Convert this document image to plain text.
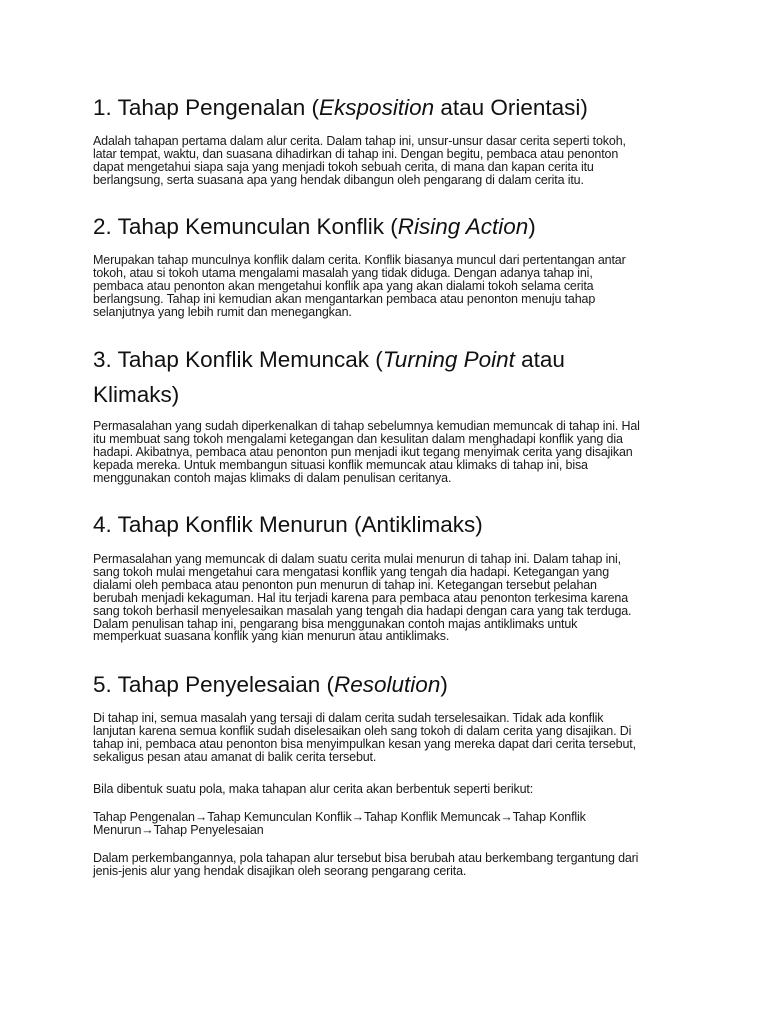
1. Tahap Pengenalan (Eksposition atau Orientasi)

Adalah tahapan pertama dalam alur cerita. Dalam tahap ini, unsur-unsur dasar cerita seperti tokoh,
latar tempat, waktu, dan suasana dihadirkan di tahap ini. Dengan begitu, pembaca atau penonton
dapat mengetahui siapa saja yang menjadi tokoh sebuah cerita, di mana dan kapan cerita itu
berlangsung, serta suasana apa yang hendak dibangun oleh pengarang di dalam cerita itu.

2. Tahap Kemunculan Konflik (Rising Action)

Merupakan tahap munculnya konflik dalam cerita. Konflik biasanya muncul dari pertentangan antar
tokoh, atau si tokoh utama mengalami masalah yang tidak diduga. Dengan adanya tahap ini,
pembaca atau penonton akan mengetahui konflik apa yang akan dialami tokoh selama cerita
berlangsung. Tahap ini kemudian akan mengantarkan pembaca atau penonton menuju tahap
selanjutnya yang lebih rumit dan menegangkan.

3. Tahap Konflik Memuncak (Turning Point atau
Klimaks)

Permasalahan yang sudah diperkenalkan di tahap sebelumnya kemudian memuncak di tahap ini. Hal
itu membuat sang tokoh mengalami ketegangan dan kesulitan dalam menghadapi konflik yang dia
hadapi. Akibatnya, pembaca atau penonton pun menjadi ikut tegang menyimak cerita yang disajikan
kepada mereka. Untuk membangun situasi konflik memuncak atau klimaks di tahap ini, bisa
menggunakan contoh majas klimaks di dalam penulisan ceritanya.

4. Tahap Konflik Menurun (Antiklimaks)

Permasalahan yang memuncak di dalam suatu cerita mulai menurun di tahap ini. Dalam tahap ini,
sang tokoh mulai mengetahui cara mengatasi konflik yang tengah dia hadapi. Ketegangan yang
dialami oleh pembaca atau penonton pun menurun di tahap ini. Ketegangan tersebut pelahan
berubah menjadi kekaguman. Hal itu terjadi karena para pembaca atau penonton terkesima karena
sang tokoh berhasil menyelesaikan masalah yang tengah dia hadapi dengan cara yang tak terduga.
Dalam penulisan tahap ini, pengarang bisa menggunakan contoh majas antiklimaks untuk
memperkuat suasana konflik yang kian menurun atau antiklimaks.

5. Tahap Penyelesaian (Resolution)

Di tahap ini, semua masalah yang tersaji di dalam cerita sudah terselesaikan. Tidak ada konflik
lanjutan karena semua konflik sudah diselesaikan oleh sang tokoh di dalam cerita yang disajikan. Di
tahap ini, pembaca atau penonton bisa menyimpulkan kesan yang mereka dapat dari cerita tersebut,
sekaligus pesan atau amanat di balik cerita tersebut.

Bila dibentuk suatu pola, maka tahapan alur cerita akan berbentuk seperti berikut:

Tahap Pengenalan→Tahap Kemunculan Konflik→Tahap Konflik Memuncak→Tahap Konflik
Menurun→Tahap Penyelesaian

Dalam perkembangannya, pola tahapan alur tersebut bisa berubah atau berkembang tergantung dari
jenis-jenis alur yang hendak disajikan oleh seorang pengarang cerita.
